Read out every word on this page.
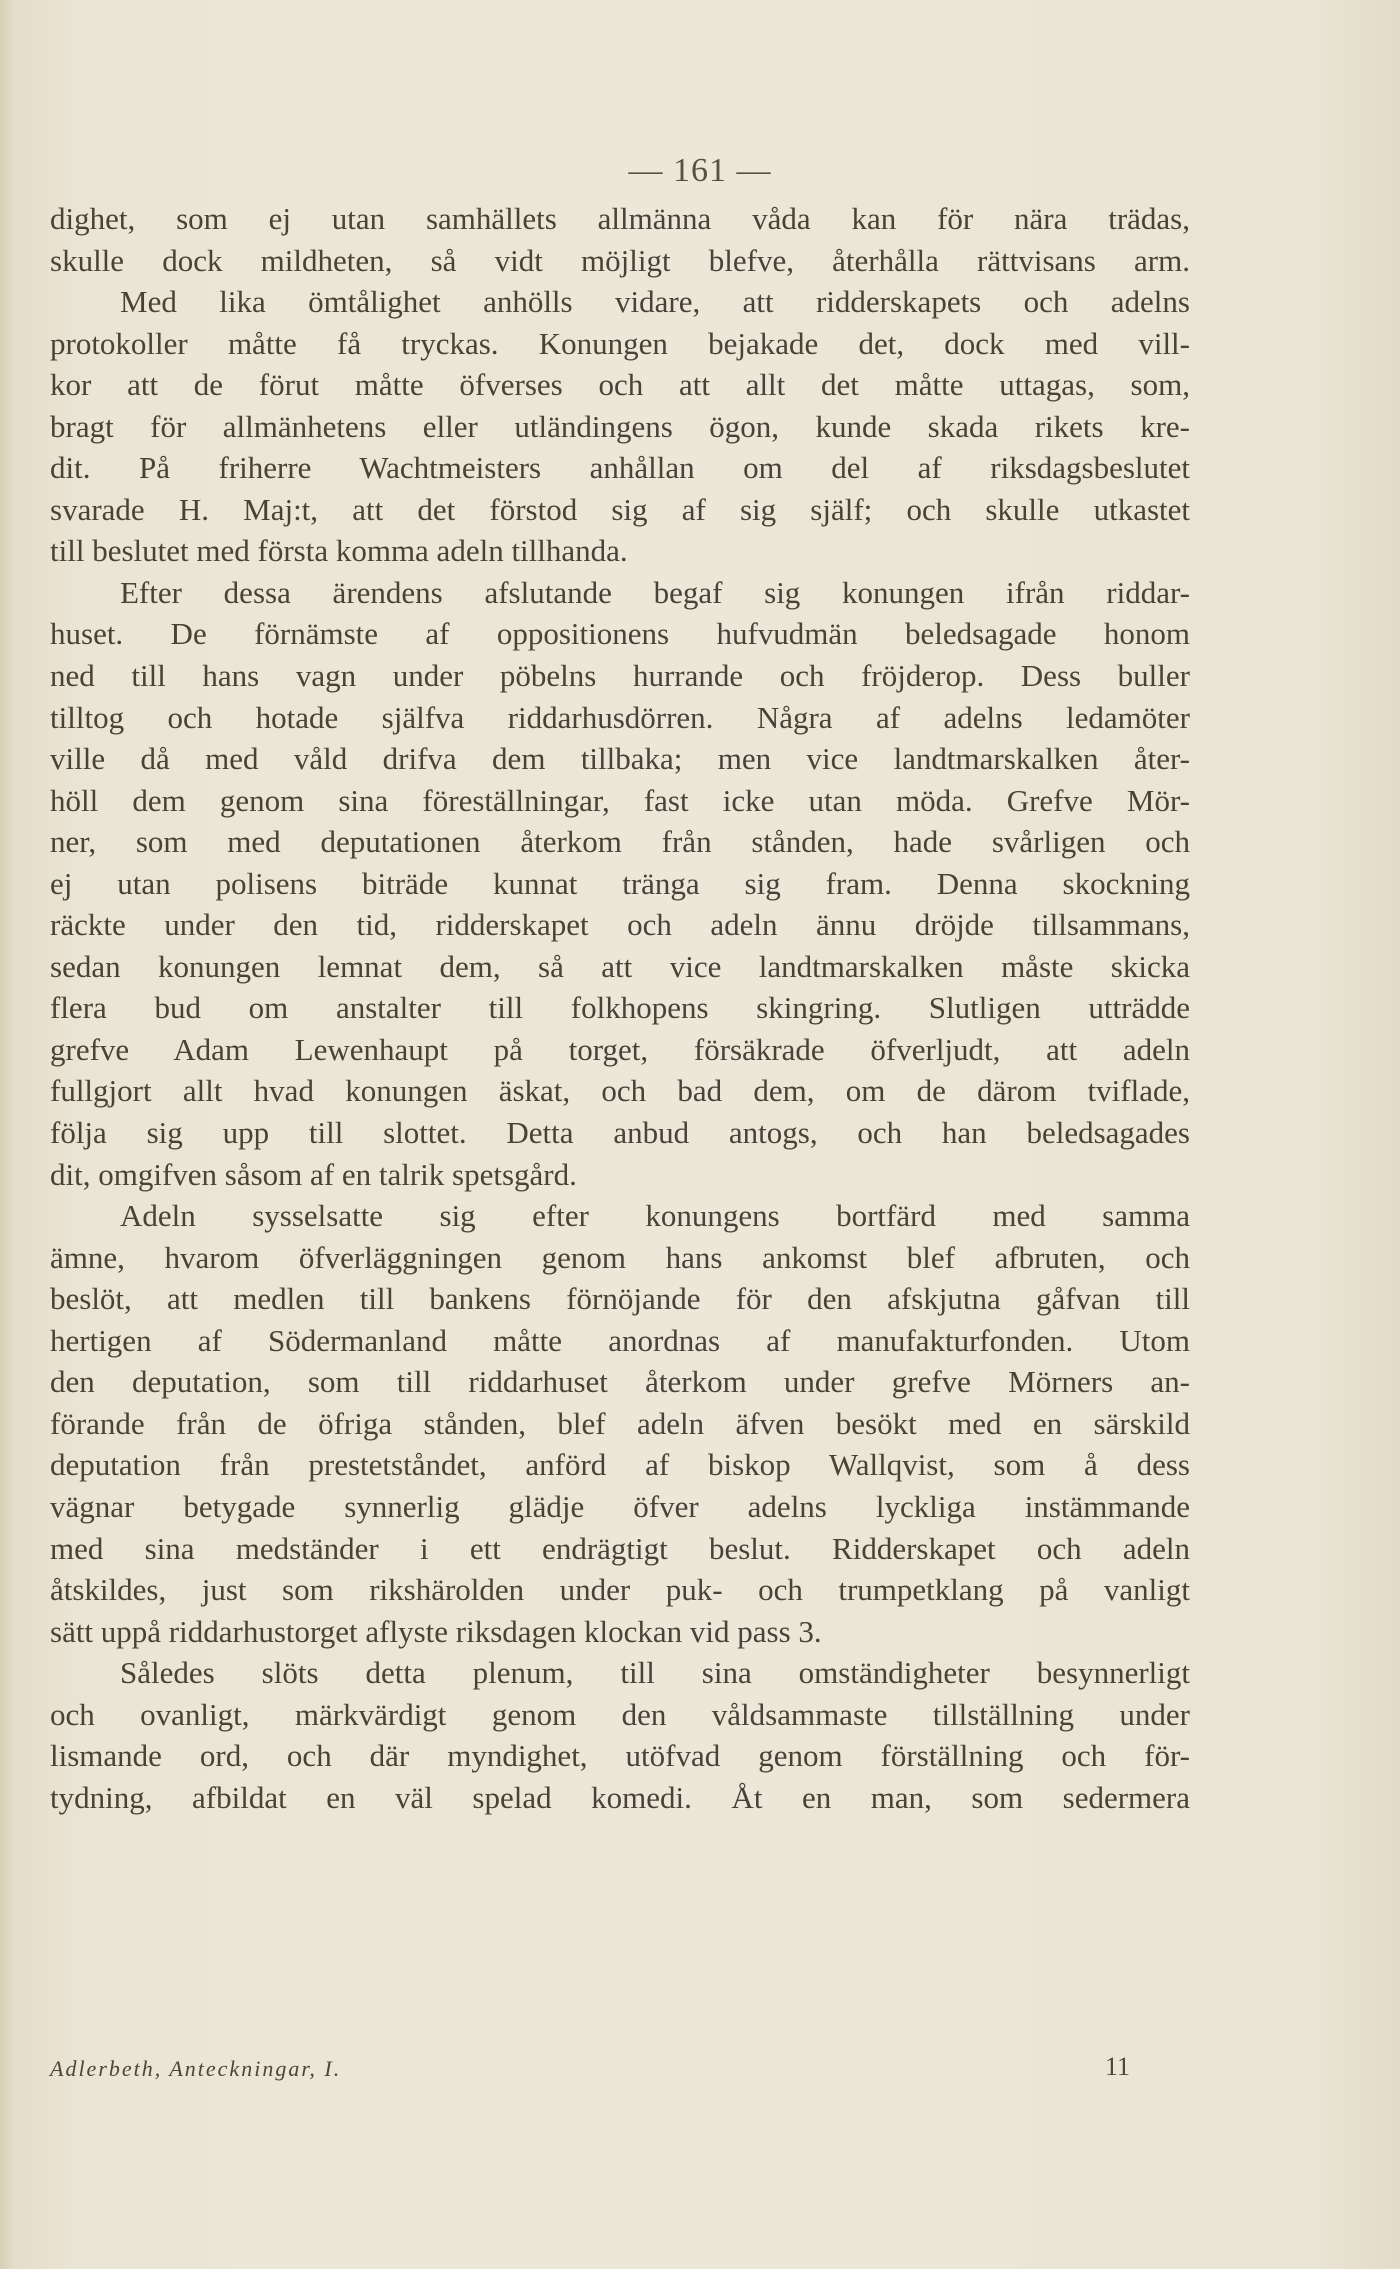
— 161 —
dighet, som ej utan samhällets allmänna våda kan för nära trädas,
skulle dock mildheten, så vidt möjligt blefve, återhålla rättvisans arm.
Med lika ömtålighet anhölls vidare, att ridderskapets och adelns
protokoller måtte få tryckas. Konungen bejakade det, dock med vill-
kor att de förut måtte öfverses och att allt det måtte uttagas, som,
bragt för allmänhetens eller utländingens ögon, kunde skada rikets kre-
dit. På friherre Wachtmeisters anhållan om del af riksdagsbeslutet
svarade H. Maj:t, att det förstod sig af sig själf; och skulle utkastet
till beslutet med första komma adeln tillhanda.
Efter dessa ärendens afslutande begaf sig konungen ifrån riddar-
huset. De förnämste af oppositionens hufvudmän beledsagade honom
ned till hans vagn under pöbelns hurrande och fröjderop. Dess buller
tilltog och hotade själfva riddarhusdörren. Några af adelns ledamöter
ville då med våld drifva dem tillbaka; men vice landtmarskalken åter-
höll dem genom sina föreställningar, fast icke utan möda. Grefve Mör-
ner, som med deputationen återkom från stånden, hade svårligen och
ej utan polisens biträde kunnat tränga sig fram. Denna skockning
räckte under den tid, ridderskapet och adeln ännu dröjde tillsammans,
sedan konungen lemnat dem, så att vice landtmarskalken måste skicka
flera bud om anstalter till folkhopens skingring. Slutligen utträdde
grefve Adam Lewenhaupt på torget, försäkrade öfverljudt, att adeln
fullgjort allt hvad konungen äskat, och bad dem, om de därom tviflade,
följa sig upp till slottet. Detta anbud antogs, och han beledsagades
dit, omgifven såsom af en talrik spetsgård.
Adeln sysselsatte sig efter konungens bortfärd med samma
ämne, hvarom öfverläggningen genom hans ankomst blef afbruten, och
beslöt, att medlen till bankens förnöjande för den afskjutna gåfvan till
hertigen af Södermanland måtte anordnas af manufakturfonden. Utom
den deputation, som till riddarhuset återkom under grefve Mörners an-
förande från de öfriga stånden, blef adeln äfven besökt med en särskild
deputation från prestetståndet, anförd af biskop Wallqvist, som å dess
vägnar betygade synnerlig glädje öfver adelns lyckliga instämmande
med sina medständer i ett endrägtigt beslut. Ridderskapet och adeln
åtskildes, just som rikshärolden under puk- och trumpetklang på vanligt
sätt uppå riddarhustorget aflyste riksdagen klockan vid pass 3.
Således slöts detta plenum, till sina omständigheter besynnerligt
och ovanligt, märkvärdigt genom den våldsammaste tillställning under
lismande ord, och där myndighet, utöfvad genom förställning och för-
tydning, afbildat en väl spelad komedi. Åt en man, som sedermera
Adlerbeth, Anteckningar, I.	11
